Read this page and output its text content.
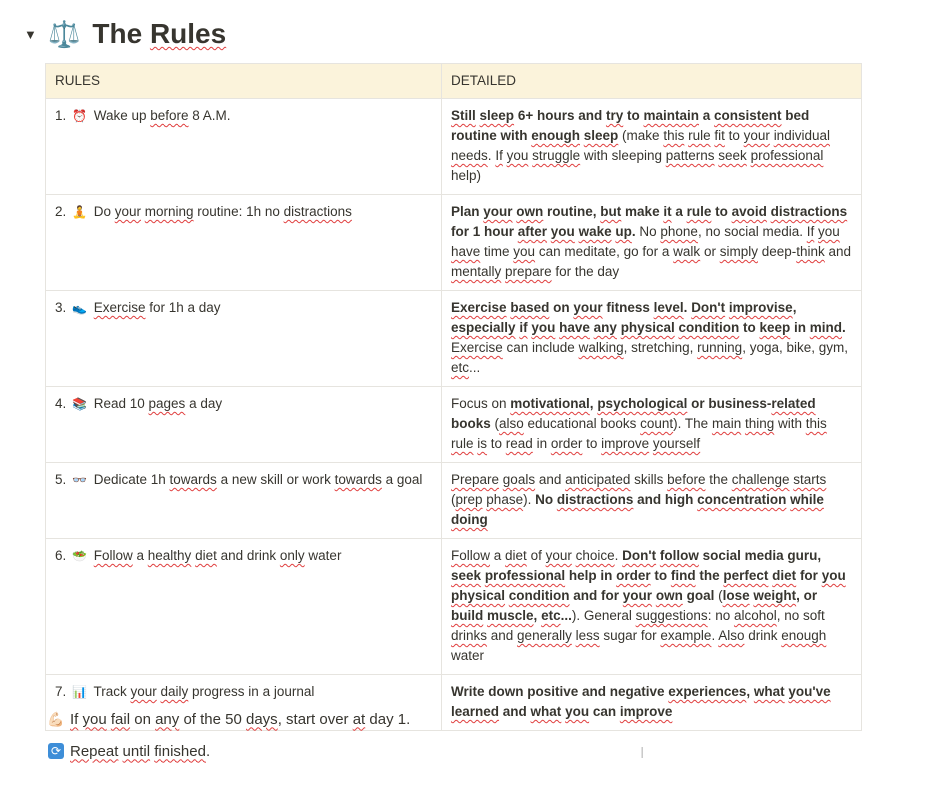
▼ ⚖️ The Rules
RULES	DETAILED
1. ⏰ Wake up before 8 A.M.	Still sleep 6+ hours and try to maintain a consistent bed routine with enough sleep (make this rule fit to your individual needs. If you struggle with sleeping patterns seek professional help)
2. 🧘 Do your morning routine: 1h no distractions	Plan your own routine, but make it a rule to avoid distractions for 1 hour after you wake up. No phone, no social media. If you have time you can meditate, go for a walk or simply deep-think and mentally prepare for the day
3. 👟 Exercise for 1h a day	Exercise based on your fitness level. Don't improvise, especially if you have any physical condition to keep in mind. Exercise can include walking, stretching, running, yoga, bike, gym, etc...
4. 📚 Read 10 pages a day	Focus on motivational, psychological or business-related books (also educational books count). The main thing with this rule is to read in order to improve yourself
5. 👓 Dedicate 1h towards a new skill or work towards a goal	Prepare goals and anticipated skills before the challenge starts (prep phase). No distractions and high concentration while doing
6. 🥗 Follow a healthy diet and drink only water	Follow a diet of your choice. Don't follow social media guru, seek professional help in order to find the perfect diet for you physical condition and for your own goal (lose weight, or build muscle, etc...). General suggestions: no alcohol, no soft drinks and generally less sugar for example. Also drink enough water
7. 📊 Track your daily progress in a journal	Write down positive and negative experiences, what you've learned and what you can improve
💪🏻 If you fail on any of the 50 days, start over at day 1.
⟳ Repeat until finished.	I
